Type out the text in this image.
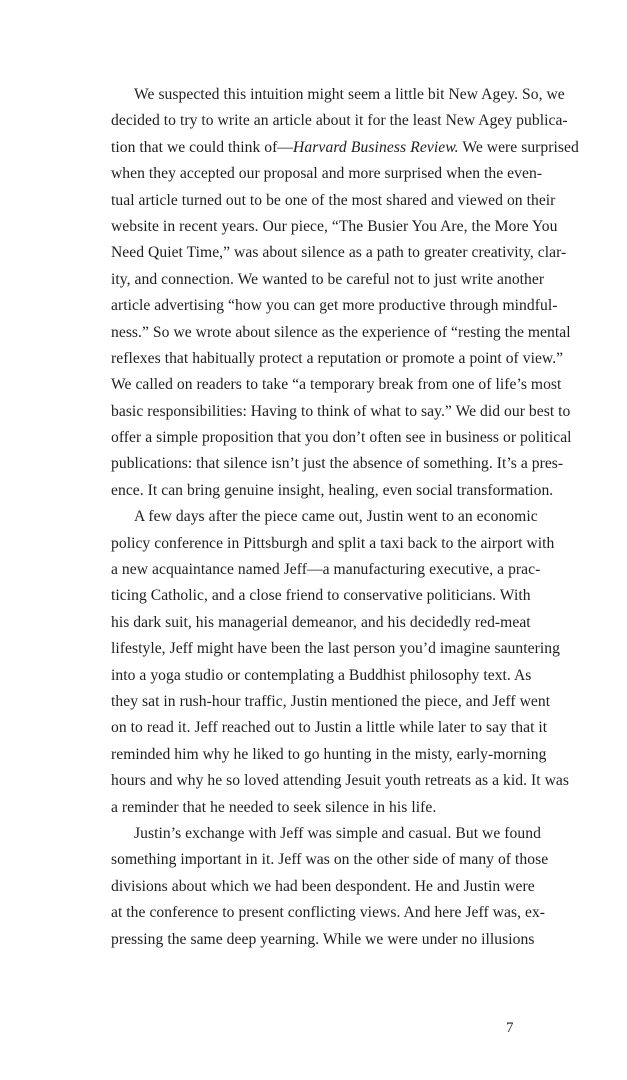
We suspected this intuition might seem a little bit New Agey. So, we
decided to try to write an article about it for the least New Agey publica-
tion that we could think of—Harvard Business Review. We were surprised
when they accepted our proposal and more surprised when the even-
tual article turned out to be one of the most shared and viewed on their
website in recent years. Our piece, “The Busier You Are, the More You
Need Quiet Time,” was about silence as a path to greater creativity, clar-
ity, and connection. We wanted to be careful not to just write another
article advertising “how you can get more productive through mindful-
ness.” So we wrote about silence as the experience of “resting the mental
reflexes that habitually protect a reputation or promote a point of view.”
We called on readers to take “a temporary break from one of life’s most
basic responsibilities: Having to think of what to say.” We did our best to
offer a simple proposition that you don’t often see in business or political
publications: that silence isn’t just the absence of something. It’s a pres-
ence. It can bring genuine insight, healing, even social transformation.
A few days after the piece came out, Justin went to an economic
policy conference in Pittsburgh and split a taxi back to the airport with
a new acquaintance named Jeff—a manufacturing executive, a prac-
ticing Catholic, and a close friend to conservative politicians. With
his dark suit, his managerial demeanor, and his decidedly red-meat
lifestyle, Jeff might have been the last person you’d imagine sauntering
into a yoga studio or contemplating a Buddhist philosophy text. As
they sat in rush-hour traffic, Justin mentioned the piece, and Jeff went
on to read it. Jeff reached out to Justin a little while later to say that it
reminded him why he liked to go hunting in the misty, early-morning
hours and why he so loved attending Jesuit youth retreats as a kid. It was
a reminder that he needed to seek silence in his life.
Justin’s exchange with Jeff was simple and casual. But we found
something important in it. Jeff was on the other side of many of those
divisions about which we had been despondent. He and Justin were
at the conference to present conflicting views. And here Jeff was, ex-
pressing the same deep yearning. While we were under no illusions
7
